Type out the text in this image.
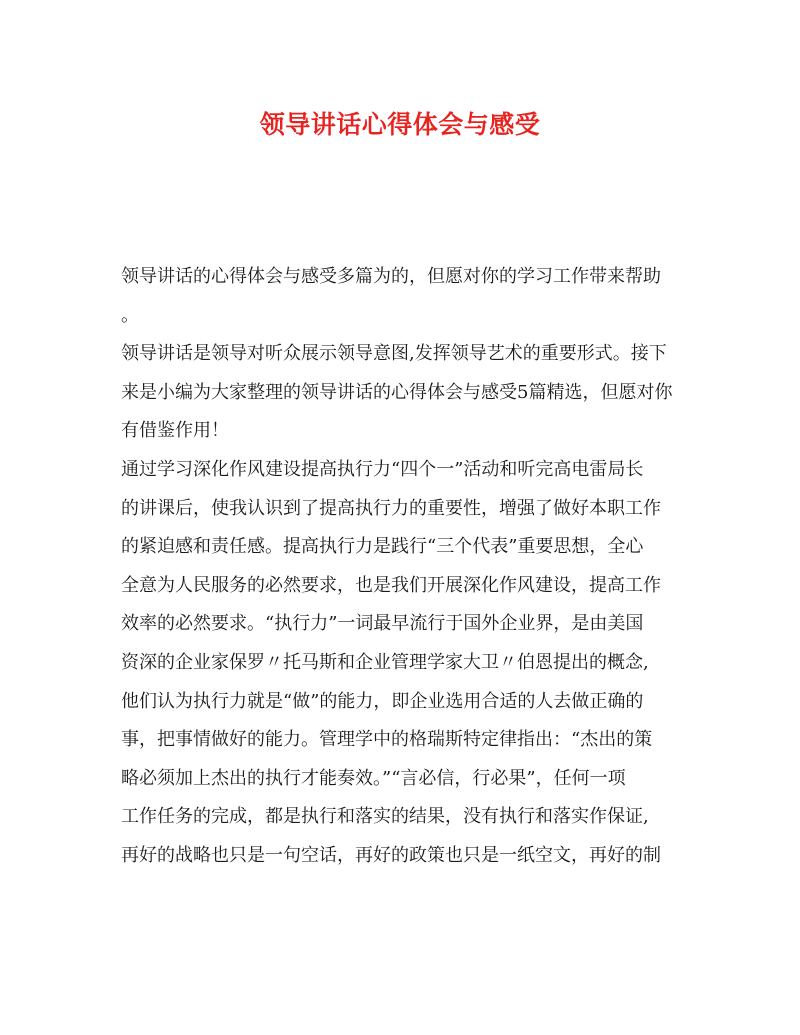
领导讲话心得体会与感受
领导讲话的心得体会与感受多篇为的，但愿对你的学习工作带来帮助
。
领导讲话是领导对听众展示领导意图,发挥领导艺术的重要形式。接下
来是小编为大家整理的领导讲话的心得体会与感受5篇精选，但愿对你
有借鉴作用！
通过学习深化作风建设提高执行力“四个一”活动和听完高电雷局长
的讲课后，使我认识到了提高执行力的重要性，增强了做好本职工作
的紧迫感和责任感。提高执行力是践行“三个代表”重要思想，全心
全意为人民服务的必然要求，也是我们开展深化作风建设，提高工作
效率的必然要求。“执行力”一词最早流行于国外企业界，是由美国
资深的企业家保罗〃托马斯和企业管理学家大卫〃伯恩提出的概念,
他们认为执行力就是“做”的能力，即企业选用合适的人去做正确的
事，把事情做好的能力。管理学中的格瑞斯特定律指出：“杰出的策
略必须加上杰出的执行才能奏效。”“言必信，行必果”，任何一项
工作任务的完成，都是执行和落实的结果，没有执行和落实作保证,
再好的战略也只是一句空话，再好的政策也只是一纸空文，再好的制
